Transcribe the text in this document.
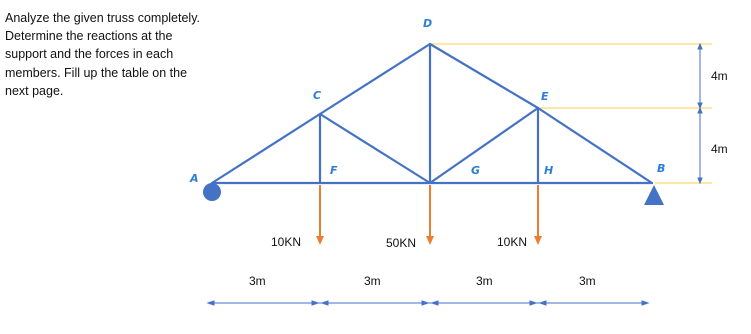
Analyze the given truss completely.
Determine the reactions at the
support and the forces in each
members. Fill up the table on the
next page.
4m
4m
10KN	50KN	10KN
A
B
C
D
E
F	G	H
3m	3m	3m	3m
